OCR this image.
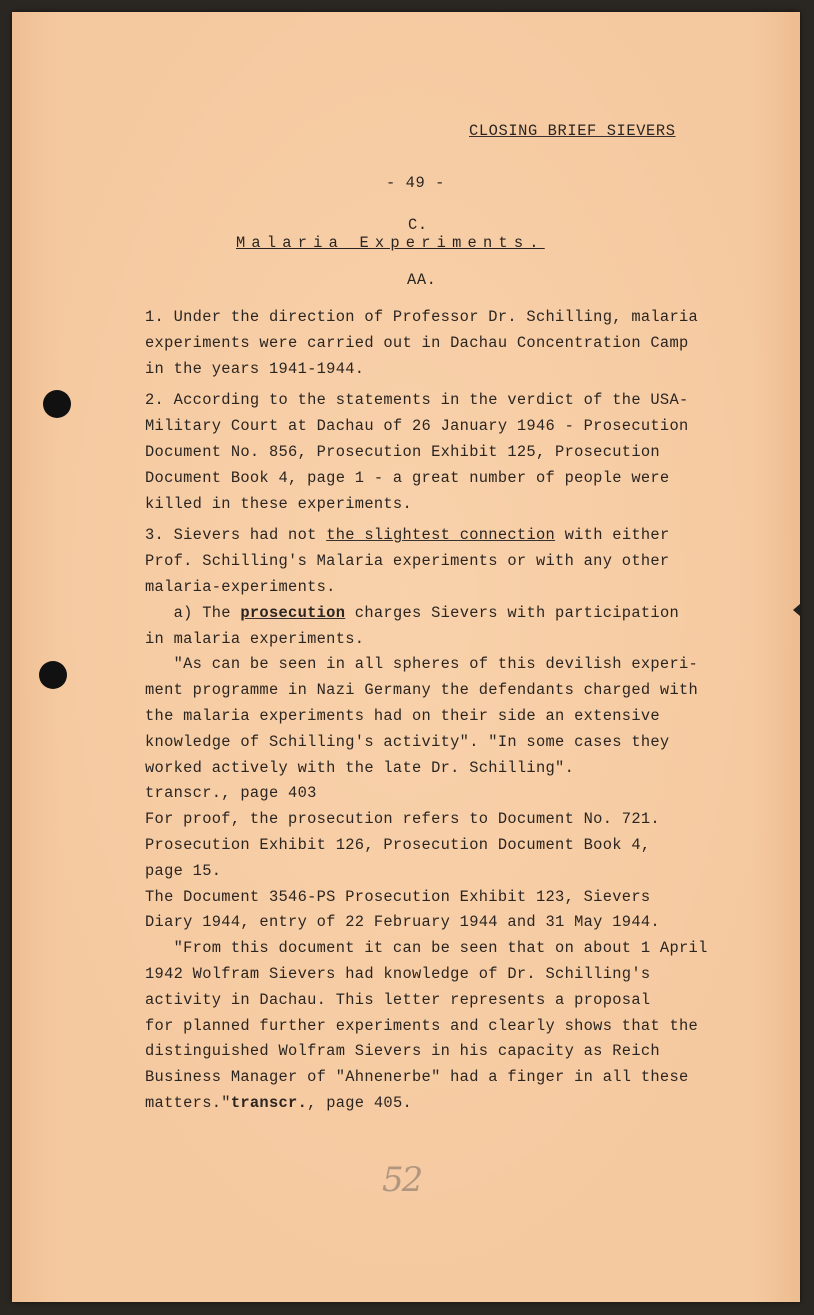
CLOSING BRIEF SIEVERS
- 49 -
C.
Malaria Experiments.
AA.

1. Under the direction of Professor Dr. Schilling, malaria

experiments were carried out in Dachau Concentration Camp

in the years 1941-1944.

2. According to the statements in the verdict of the USA-

Military Court at Dachau of 26 January 1946 - Prosecution

Document No. 856, Prosecution Exhibit 125, Prosecution

Document Book 4, page 1 - a great number of people were

killed in these experiments.

3. Sievers had not the slightest connection with either

Prof. Schilling's Malaria experiments or with any other

malaria-experiments.

a) The prosecution charges Sievers with participation

in malaria experiments.

"As can be seen in all spheres of this devilish experi-

ment programme in Nazi Germany the defendants charged with

the malaria experiments had on their side an extensive

knowledge of Schilling's activity". "In some cases they

worked actively with the late Dr. Schilling".

transcr., page 403

For proof, the prosecution refers to Document No. 721.

Prosecution Exhibit 126, Prosecution Document Book 4,

page 15.

The Document 3546-PS Prosecution Exhibit 123, Sievers

Diary 1944, entry of 22 February 1944 and 31 May 1944.

"From this document it can be seen that on about 1 April

1942 Wolfram Sievers had knowledge of Dr. Schilling's

activity in Dachau. This letter represents a proposal

for planned further experiments and clearly shows that the

distinguished Wolfram Sievers in his capacity as Reich

Business Manager of "Ahnenerbe" had a finger in all these

matters."transcr., page 405.

52
